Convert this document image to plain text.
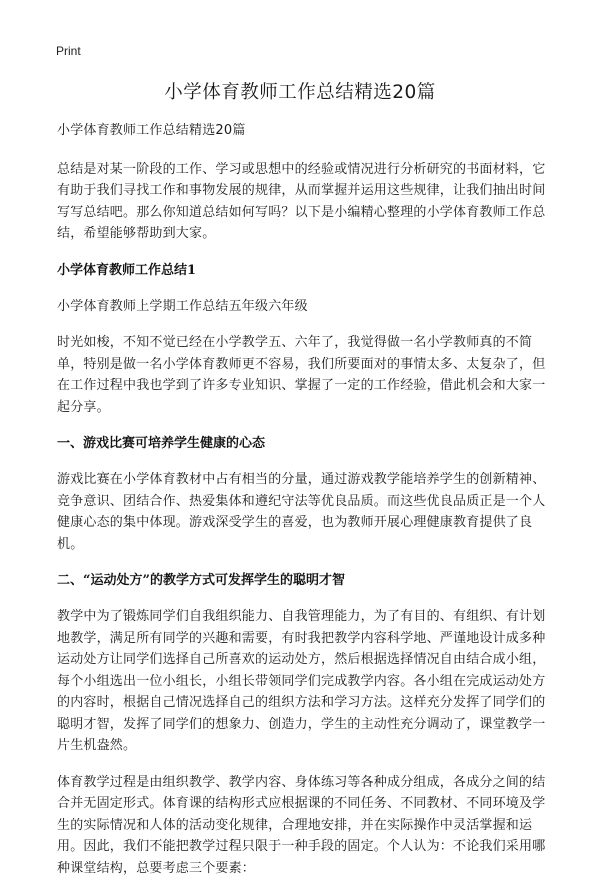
Print
小学体育教师工作总结精选20篇

小学体育教师工作总结精选20篇

总结是对某一阶段的工作、学习或思想中的经验或情况进行分析研究的书面材料，它有助于我们寻找工作和事物发展的规律，从而掌握并运用这些规律，让我们抽出时间写写总结吧。那么你知道总结如何写吗？以下是小编精心整理的小学体育教师工作总结，希望能够帮助到大家。

小学体育教师工作总结1

小学体育教师上学期工作总结五年级六年级

时光如梭，不知不觉已经在小学教学五、六年了，我觉得做一名小学教师真的不简单，特别是做一名小学体育教师更不容易，我们所要面对的事情太多、太复杂了，但在工作过程中我也学到了许多专业知识、掌握了一定的工作经验，借此机会和大家一起分享。

一、游戏比赛可培养学生健康的心态

游戏比赛在小学体育教材中占有相当的分量，通过游戏教学能培养学生的创新精神、竞争意识、团结合作、热爱集体和遵纪守法等优良品质。而这些优良品质正是一个人健康心态的集中体现。游戏深受学生的喜爱，也为教师开展心理健康教育提供了良机。

二、“运动处方”的教学方式可发挥学生的聪明才智

教学中为了锻炼同学们自我组织能力、自我管理能力，为了有目的、有组织、有计划地教学，满足所有同学的兴趣和需要，有时我把教学内容科学地、严谨地设计成多种运动处方让同学们选择自己所喜欢的运动处方，然后根据选择情况自由结合成小组，每个小组选出一位小组长，小组长带领同学们完成教学内容。各小组在完成运动处方的内容时，根据自己情况选择自己的组织方法和学习方法。这样充分发挥了同学们的聪明才智，发挥了同学们的想象力、创造力，学生的主动性充分调动了，课堂教学一片生机盎然。

体育教学过程是由组织教学、教学内容、身体练习等各种成分组成，各成分之间的结合并无固定形式。体育课的结构形式应根据课的不同任务、不同教材、不同环境及学生的实际情况和人体的活动变化规律，合理地安排，并在实际操作中灵活掌握和运用。因此，我们不能把教学过程只限于一种手段的固定。个人认为：不论我们采用哪种课堂结构，总要考虑三个要素：
